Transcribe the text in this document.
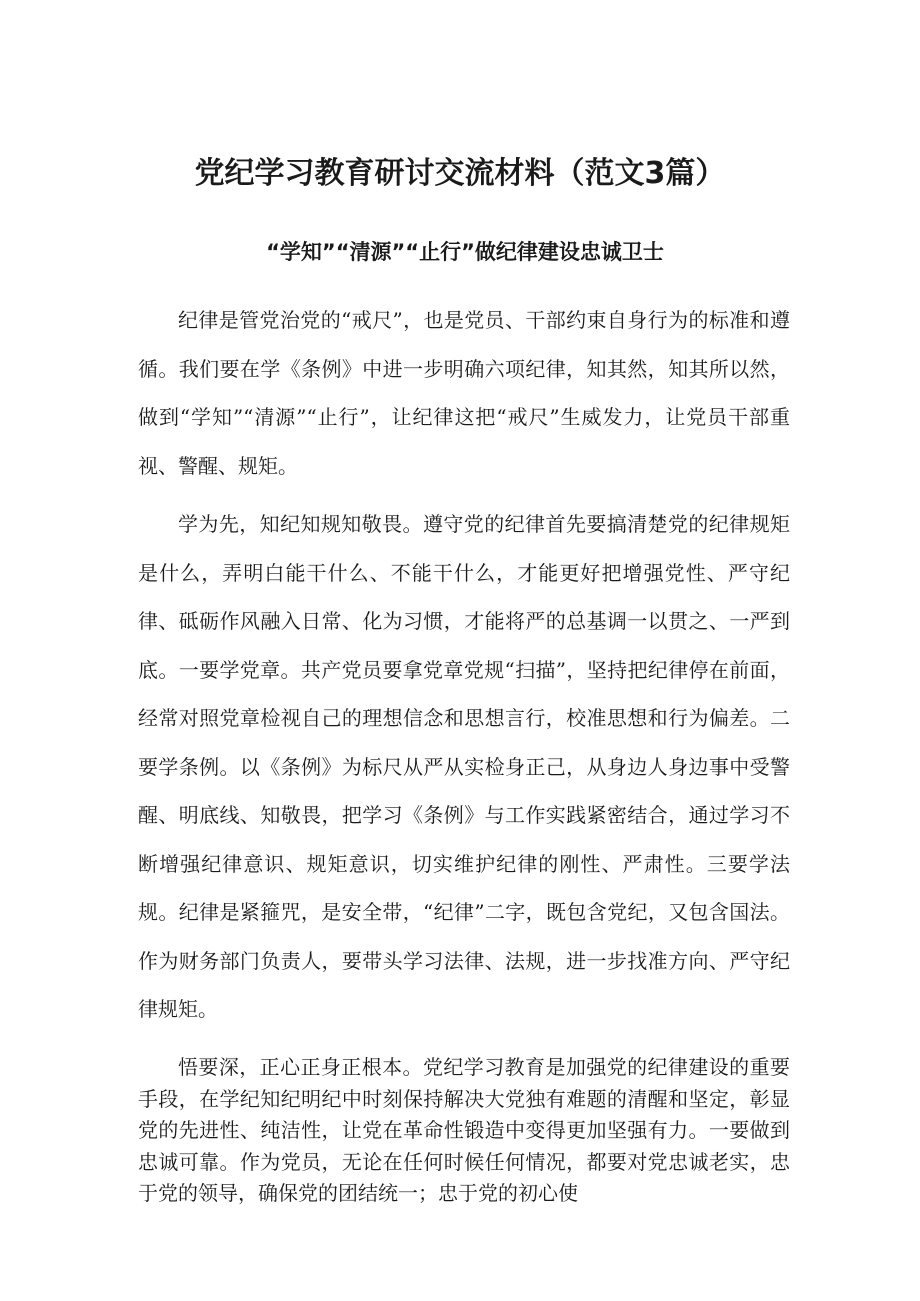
党纪学习教育研讨交流材料（范文3篇）
“学知”“清源”“止行”做纪律建设忠诚卫士

纪律是管党治党的“戒尺”，也是党员、干部约束自身行为的标准和遵循。我们要在学《条例》中进一步明确六项纪律，知其然，知其所以然，做到“学知”“清源”“止行”，让纪律这把“戒尺”生威发力，让党员干部重视、警醒、规矩。

学为先，知纪知规知敬畏。遵守党的纪律首先要搞清楚党的纪律规矩是什么，弄明白能干什么、不能干什么，才能更好把增强党性、严守纪律、砥砺作风融入日常、化为习惯，才能将严的总基调一以贯之、一严到底。一要学党章。共产党员要拿党章党规“扫描”，坚持把纪律停在前面，经常对照党章检视自己的理想信念和思想言行，校准思想和行为偏差。二要学条例。以《条例》为标尺从严从实检身正己，从身边人身边事中受警醒、明底线、知敬畏，把学习《条例》与工作实践紧密结合，通过学习不断增强纪律意识、规矩意识，切实维护纪律的刚性、严肃性。三要学法规。纪律是紧箍咒，是安全带，“纪律”二字，既包含党纪，又包含国法。作为财务部门负责人，要带头学习法律、法规，进一步找准方向、严守纪律规矩。

悟要深，正心正身正根本。党纪学习教育是加强党的纪律建设的重要手段，在学纪知纪明纪中时刻保持解决大党独有难题的清醒和坚定，彰显党的先进性、纯洁性，让党在革命性锻造中变得更加坚强有力。一要做到忠诚可靠。作为党员，无论在任何时候任何情况，都要对党忠诚老实，忠于党的领导，确保党的团结统一；忠于党的初心使
